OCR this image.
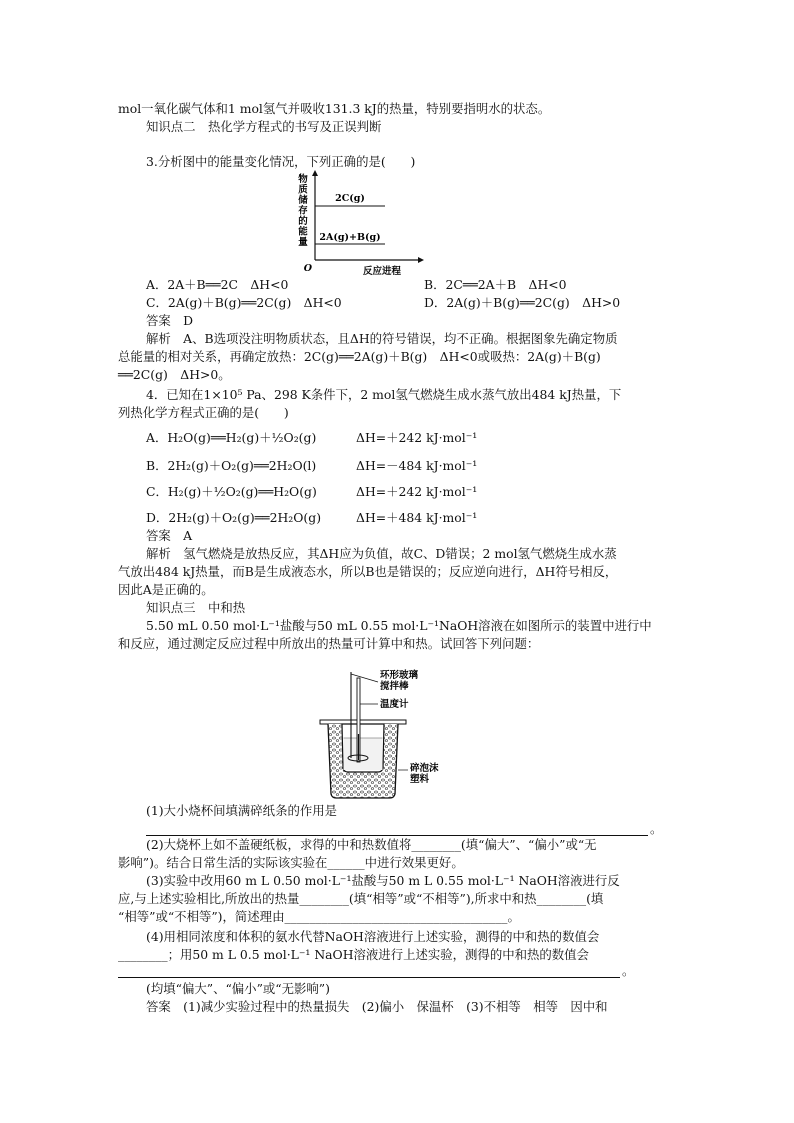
mol一氧化碳气体和1 mol氢气并吸收131.3 kJ的热量，特别要指明水的状态。
知识点二　热化学方程式的书写及正误判断
3.分析图中的能量变化情况，下列正确的是(　　)
物质储存的能量
O	反应进程
2C(g)
2A(g)+B(g)
A．2A＋B══2C　ΔH<0	B．2C══2A＋B　ΔH<0
C．2A(g)＋B(g)══2C(g)　ΔH<0	D．2A(g)＋B(g)══2C(g)　ΔH>0
答案　D
解析　A、B选项没注明物质状态，且ΔH的符号错误，均不正确。根据图象先确定物质
总能量的相对关系，再确定放热：2C(g)══2A(g)＋B(g)　ΔH<0或吸热：2A(g)＋B(g)
══2C(g)　ΔH>0。
4．已知在1×10⁵ Pa、298 K条件下，2 mol氢气燃烧生成水蒸气放出484 kJ热量，下
列热化学方程式正确的是(　　)
A．H₂O(g)══H₂(g)＋½O₂(g)	ΔH=＋242 kJ·mol⁻¹
B．2H₂(g)＋O₂(g)══2H₂O(l)	ΔH=－484 kJ·mol⁻¹
C．H₂(g)＋½O₂(g)══H₂O(g)	ΔH=＋242 kJ·mol⁻¹
D．2H₂(g)＋O₂(g)══2H₂O(g)	ΔH=＋484 kJ·mol⁻¹
答案　A
解析　氢气燃烧是放热反应，其ΔH应为负值，故C、D错误；2 mol氢气燃烧生成水蒸
气放出484 kJ热量，而B是生成液态水，所以B也是错误的；反应逆向进行，ΔH符号相反，
因此A是正确的。
知识点三　中和热
5.50 mL 0.50 mol·L⁻¹盐酸与50 mL 0.55 mol·L⁻¹NaOH溶液在如图所示的装置中进行中
和反应，通过测定反应过程中所放出的热量可计算中和热。试回答下列问题：
环形玻璃搅拌棒
温度计
碎泡沫塑料
(1)大小烧杯间填满碎纸条的作用是
。
(2)大烧杯上如不盖硬纸板，求得的中和热数值将________(填“偏大”、“偏小”或“无
影响”)。结合日常生活的实际该实验在______中进行效果更好。
(3)实验中改用60 m L 0.50 mol·L⁻¹盐酸与50 m L 0.55 mol·L⁻¹ NaOH溶液进行反
应,与上述实验相比,所放出的热量________(填“相等”或“不相等”),所求中和热________(填
“相等”或“不相等”)，简述理由____________________________________。
(4)用相同浓度和体积的氨水代替NaOH溶液进行上述实验，测得的中和热的数值会
________；用50 m L 0.5 mol·L⁻¹ NaOH溶液进行上述实验，测得的中和热的数值会
。
(均填“偏大”、“偏小”或“无影响”)
答案　(1)减少实验过程中的热量损失　(2)偏小　保温杯　(3)不相等　相等　因中和
